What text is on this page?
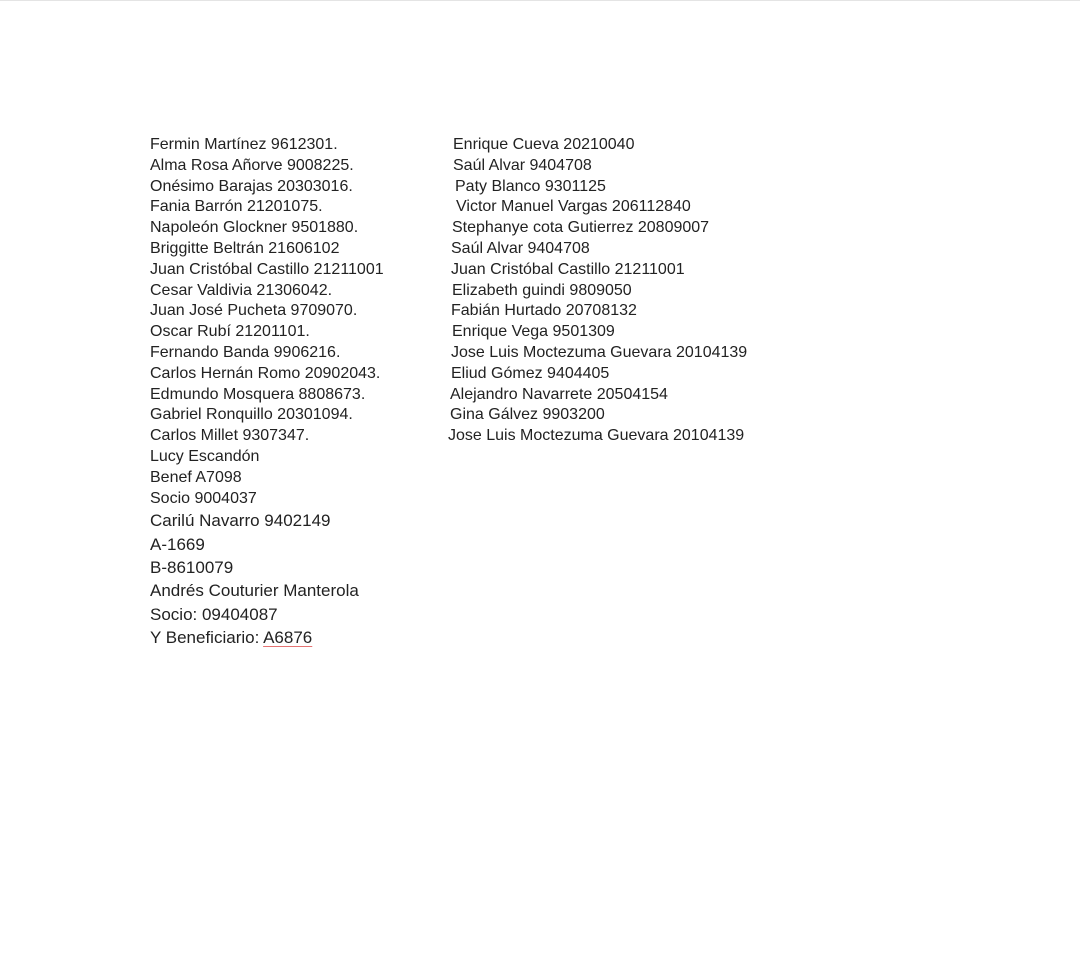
Fermin Martínez 9612301.
Alma Rosa Añorve 9008225.
Onésimo Barajas 20303016.
Fania Barrón 21201075.
Napoleón Glockner 9501880.
Briggitte Beltrán 21606102
Juan Cristóbal Castillo 21211001
Cesar Valdivia 21306042.
Juan José Pucheta 9709070.
Oscar Rubí 21201101.
Fernando Banda 9906216.
Carlos Hernán Romo 20902043.
Edmundo Mosquera 8808673.
Gabriel Ronquillo 20301094.
Carlos Millet 9307347.
Lucy Escandón
Benef A7098
Socio 9004037
Carilú Navarro 9402149
A-1669
B-8610079
Andrés Couturier Manterola
Socio: 09404087
Y Beneficiario: A6876
Enrique Cueva 20210040
Saúl Alvar 9404708
Paty Blanco 9301125
Victor Manuel Vargas 206112840
Stephanye cota Gutierrez 20809007
Saúl Alvar 9404708
Juan Cristóbal Castillo 21211001
Elizabeth guindi 9809050
Fabián Hurtado 20708132
Enrique Vega 9501309
Jose Luis Moctezuma Guevara 20104139
Eliud Gómez 9404405
Alejandro Navarrete 20504154
Gina Gálvez 9903200
Jose Luis Moctezuma Guevara 20104139
